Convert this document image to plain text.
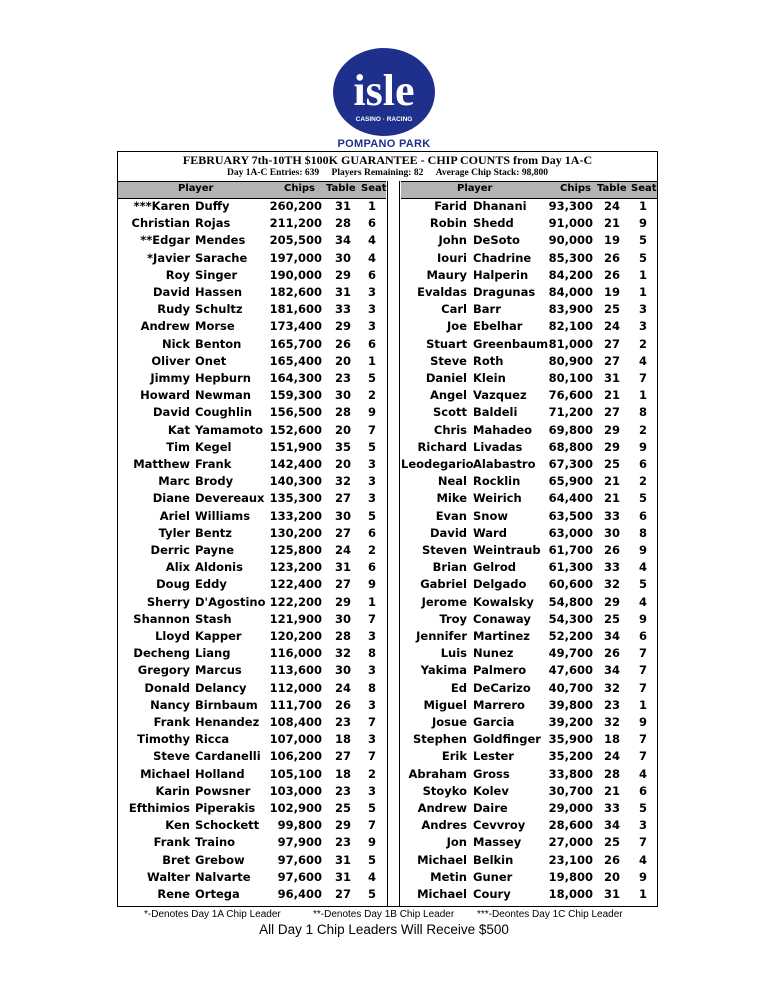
isle
CASINO · RACING
POMPANO PARK
FEBRUARY 7th-10TH $100K GUARANTEE - CHIP COUNTS from Day 1A-C
Day 1A-C Entries: 639 Players Remaining: 82 Average Chip Stack: 98,800
Player	Chips Table Seat	Player	Chips Table Seat
***Karen Duffy	260,200 31 1
Christian Rojas	211,200 28 6
**Edgar Mendes	205,500 34 4
*Javier Sarache	197,000 30 4
Roy Singer	190,000 29 6
David Hassen	182,600 31 3
Rudy Schultz	181,600 33 3
Andrew Morse	173,400 29 3
Nick Benton	165,700 26 6
Oliver Onet	165,400 20 1
Jimmy Hepburn	164,300 23 5
Howard Newman	159,300 30 2
David Coughlin	156,500 28 9
Kat Yamamoto 152,600 20 7
Tim Kegel	151,900 35 5
Matthew Frank	142,400 20 3
Marc Brody	140,300 32 3
Diane Devereaux 135,300 27 3
Ariel Williams	133,200 30 5
Tyler Bentz	130,200 27 6
Derric Payne	125,800 24 2
Alix Aldonis	123,200 31 6
Doug Eddy	122,400 27 9
Sherry D'Agostino 122,200 29 1
Shannon Stash	121,900 30 7
Lloyd Kapper	120,200 28 3
Decheng Liang	116,000 32 8
Gregory Marcus	113,600 30 3
Donald Delancy	112,000 24 8
Nancy Birnbaum	111,700 26 3
Frank Henandez 108,400 23 7
Timothy Ricca	107,000 18 3
Steve Cardanelli 106,200 27 7
Michael Holland	105,100 18 2
Karin Powsner	103,000 23 3
Efthimios Piperakis	102,900 25 5
Ken Schockett	99,800 29 7
Frank Traino	97,900 23 9
Bret Grebow	97,600 31 5
Walter Nalvarte	97,600 31 4
Rene Ortega	96,400 27 5
Farid Dhanani	93,300 24 1
Robin Shedd	91,000 21 9
John DeSoto	90,000 19 5
Iouri Chadrine	85,300 26 5
Maury Halperin	84,200 26 1
Evaldas Dragunas	84,000 19 1
Carl Barr	83,900 25 3
Joe Ebelhar	82,100 24 3
Stuart Greenbaum 81,000 27 2
Steve Roth	80,900 27 4
Daniel Klein	80,100 31 7
Angel Vazquez	76,600 21 1
Scott Baldeli	71,200 27 8
Chris Mahadeo	69,800 29 2
Richard Livadas	68,800 29 9
Leodegario Alabastro	67,300 25 6
Neal Rocklin	65,900 21 2
Mike Weirich	64,400 21 5
Evan Snow	63,500 33 6
David Ward	63,000 30 8
Steven Weintraub 61,700 26 9
Brian Gelrod	61,300 33 4
Gabriel Delgado	60,600 32 5
Jerome Kowalsky	54,800 29 4
Troy Conaway	54,300 25 9
Jennifer Martinez	52,200 34 6
Luis Nunez	49,700 26 7
Yakima Palmero	47,600 34 7
Ed DeCarizo	40,700 32 7
Miguel Marrero	39,800 23 1
Josue Garcia	39,200 32 9
Stephen Goldfinger 35,900 18 7
Erik Lester	35,200 24 7
Abraham Gross	33,800 28 4
Stoyko Kolev	30,700 21 6
Andrew Daire	29,000 33 5
Andres Cevvroy	28,600 34 3
Jon Massey	27,000 25 7
Michael Belkin	23,100 26 4
Metin Guner	19,800 20 9
Michael Coury	18,000 31 1
*-Denotes Day 1A Chip Leader	**-Denotes Day 1B Chip Leader ***-Deontes Day 1C Chip Leader
All Day 1 Chip Leaders Will Receive $500
